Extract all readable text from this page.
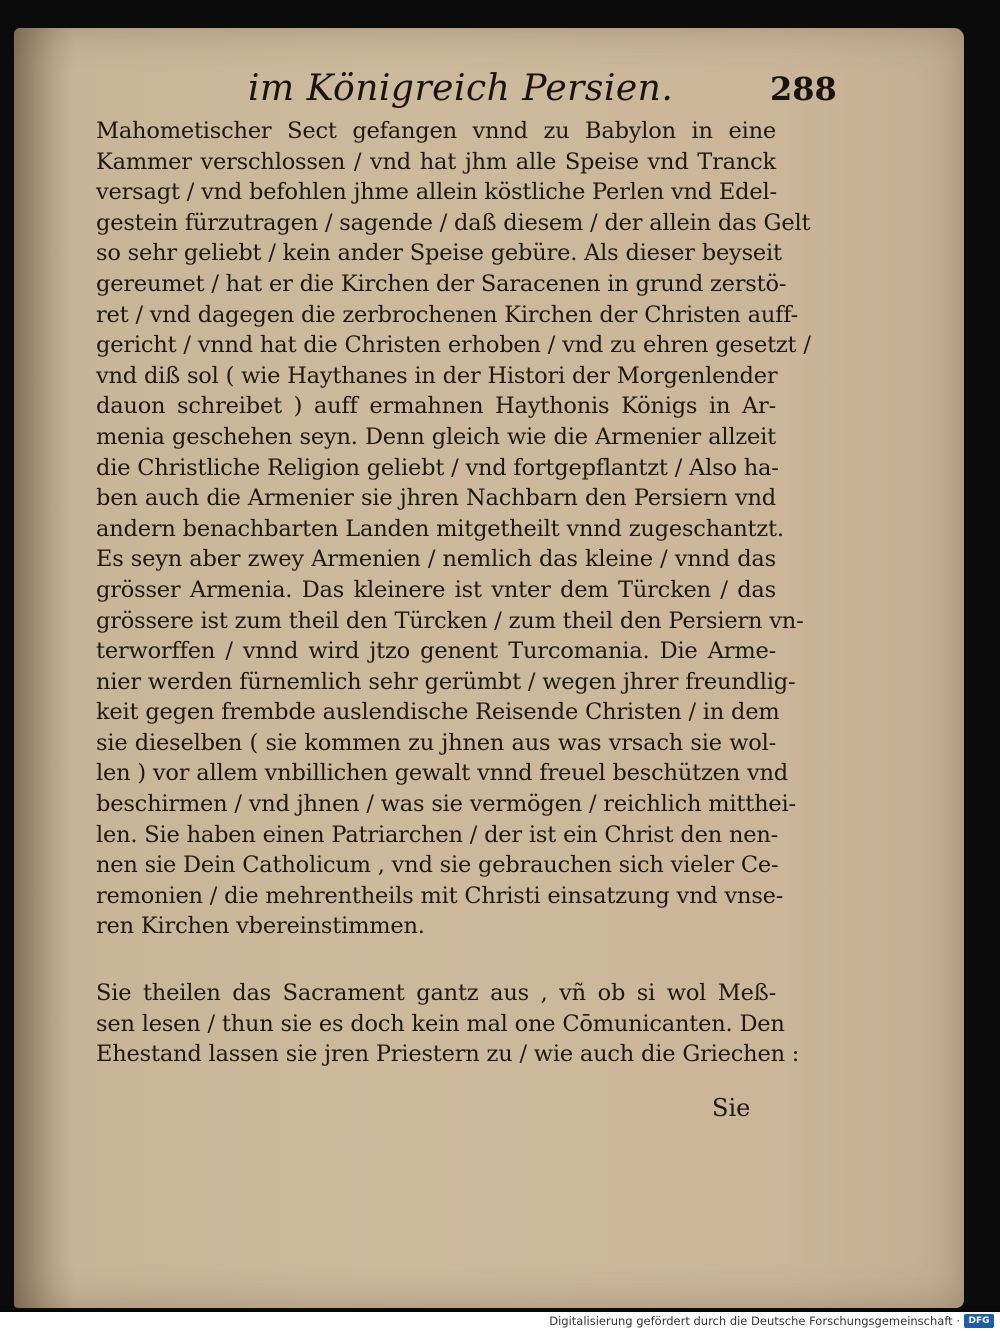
im Königreich Persien.	288
Mahometischer Sect gefangen vnnd zu Babylon in eine
Kammer verschlossen / vnd hat jhm alle Speise vnd Tranck
versagt / vnd befohlen jhme allein köstliche Perlen vnd Edel-
gestein fürzutragen / sagende / daß diesem / der allein das Gelt
so sehr geliebt / kein ander Speise gebüre. Als dieser beyseit
gereumet / hat er die Kirchen der Saracenen in grund zerstö-
ret / vnd dagegen die zerbrochenen Kirchen der Christen auff-
gericht / vnnd hat die Christen erhoben / vnd zu ehren gesetzt /
vnd diß sol ( wie Haythanes in der Histori der Morgenlender
dauon schreibet ) auff ermahnen Haythonis Königs in Ar-
menia geschehen seyn. Denn gleich wie die Armenier allzeit
die Christliche Religion geliebt / vnd fortgepflantzt / Also ha-
ben auch die Armenier sie jhren Nachbarn den Persiern vnd
andern benachbarten Landen mitgetheilt vnnd zugeschantzt.
Es seyn aber zwey Armenien / nemlich das kleine / vnnd das
grösser Armenia. Das kleinere ist vnter dem Türcken / das
grössere ist zum theil den Türcken / zum theil den Persiern vn-
terworffen / vnnd wird jtzo genent Turcomania. Die Arme-
nier werden fürnemlich sehr gerümbt / wegen jhrer freundlig-
keit gegen frembde auslendische Reisende Christen / in dem
sie dieselben ( sie kommen zu jhnen aus was vrsach sie wol-
len ) vor allem vnbillichen gewalt vnnd freuel beschützen vnd
beschirmen / vnd jhnen / was sie vermögen / reichlich mitthei-
len. Sie haben einen Patriarchen / der ist ein Christ den nen-
nen sie Dein Catholicum , vnd sie gebrauchen sich vieler Ce-
remonien / die mehrentheils mit Christi einsatzung vnd vnse-
ren Kirchen vbereinstimmen.
Sie theilen das Sacrament gantz aus , vñ ob si wol Meß-
sen lesen / thun sie es doch kein mal one Cōmunicanten. Den
Ehestand lassen sie jren Priestern zu / wie auch die Griechen :
Sie
Digitalisierung gefördert durch die Deutsche Forschungsgemeinschaft · DFG
